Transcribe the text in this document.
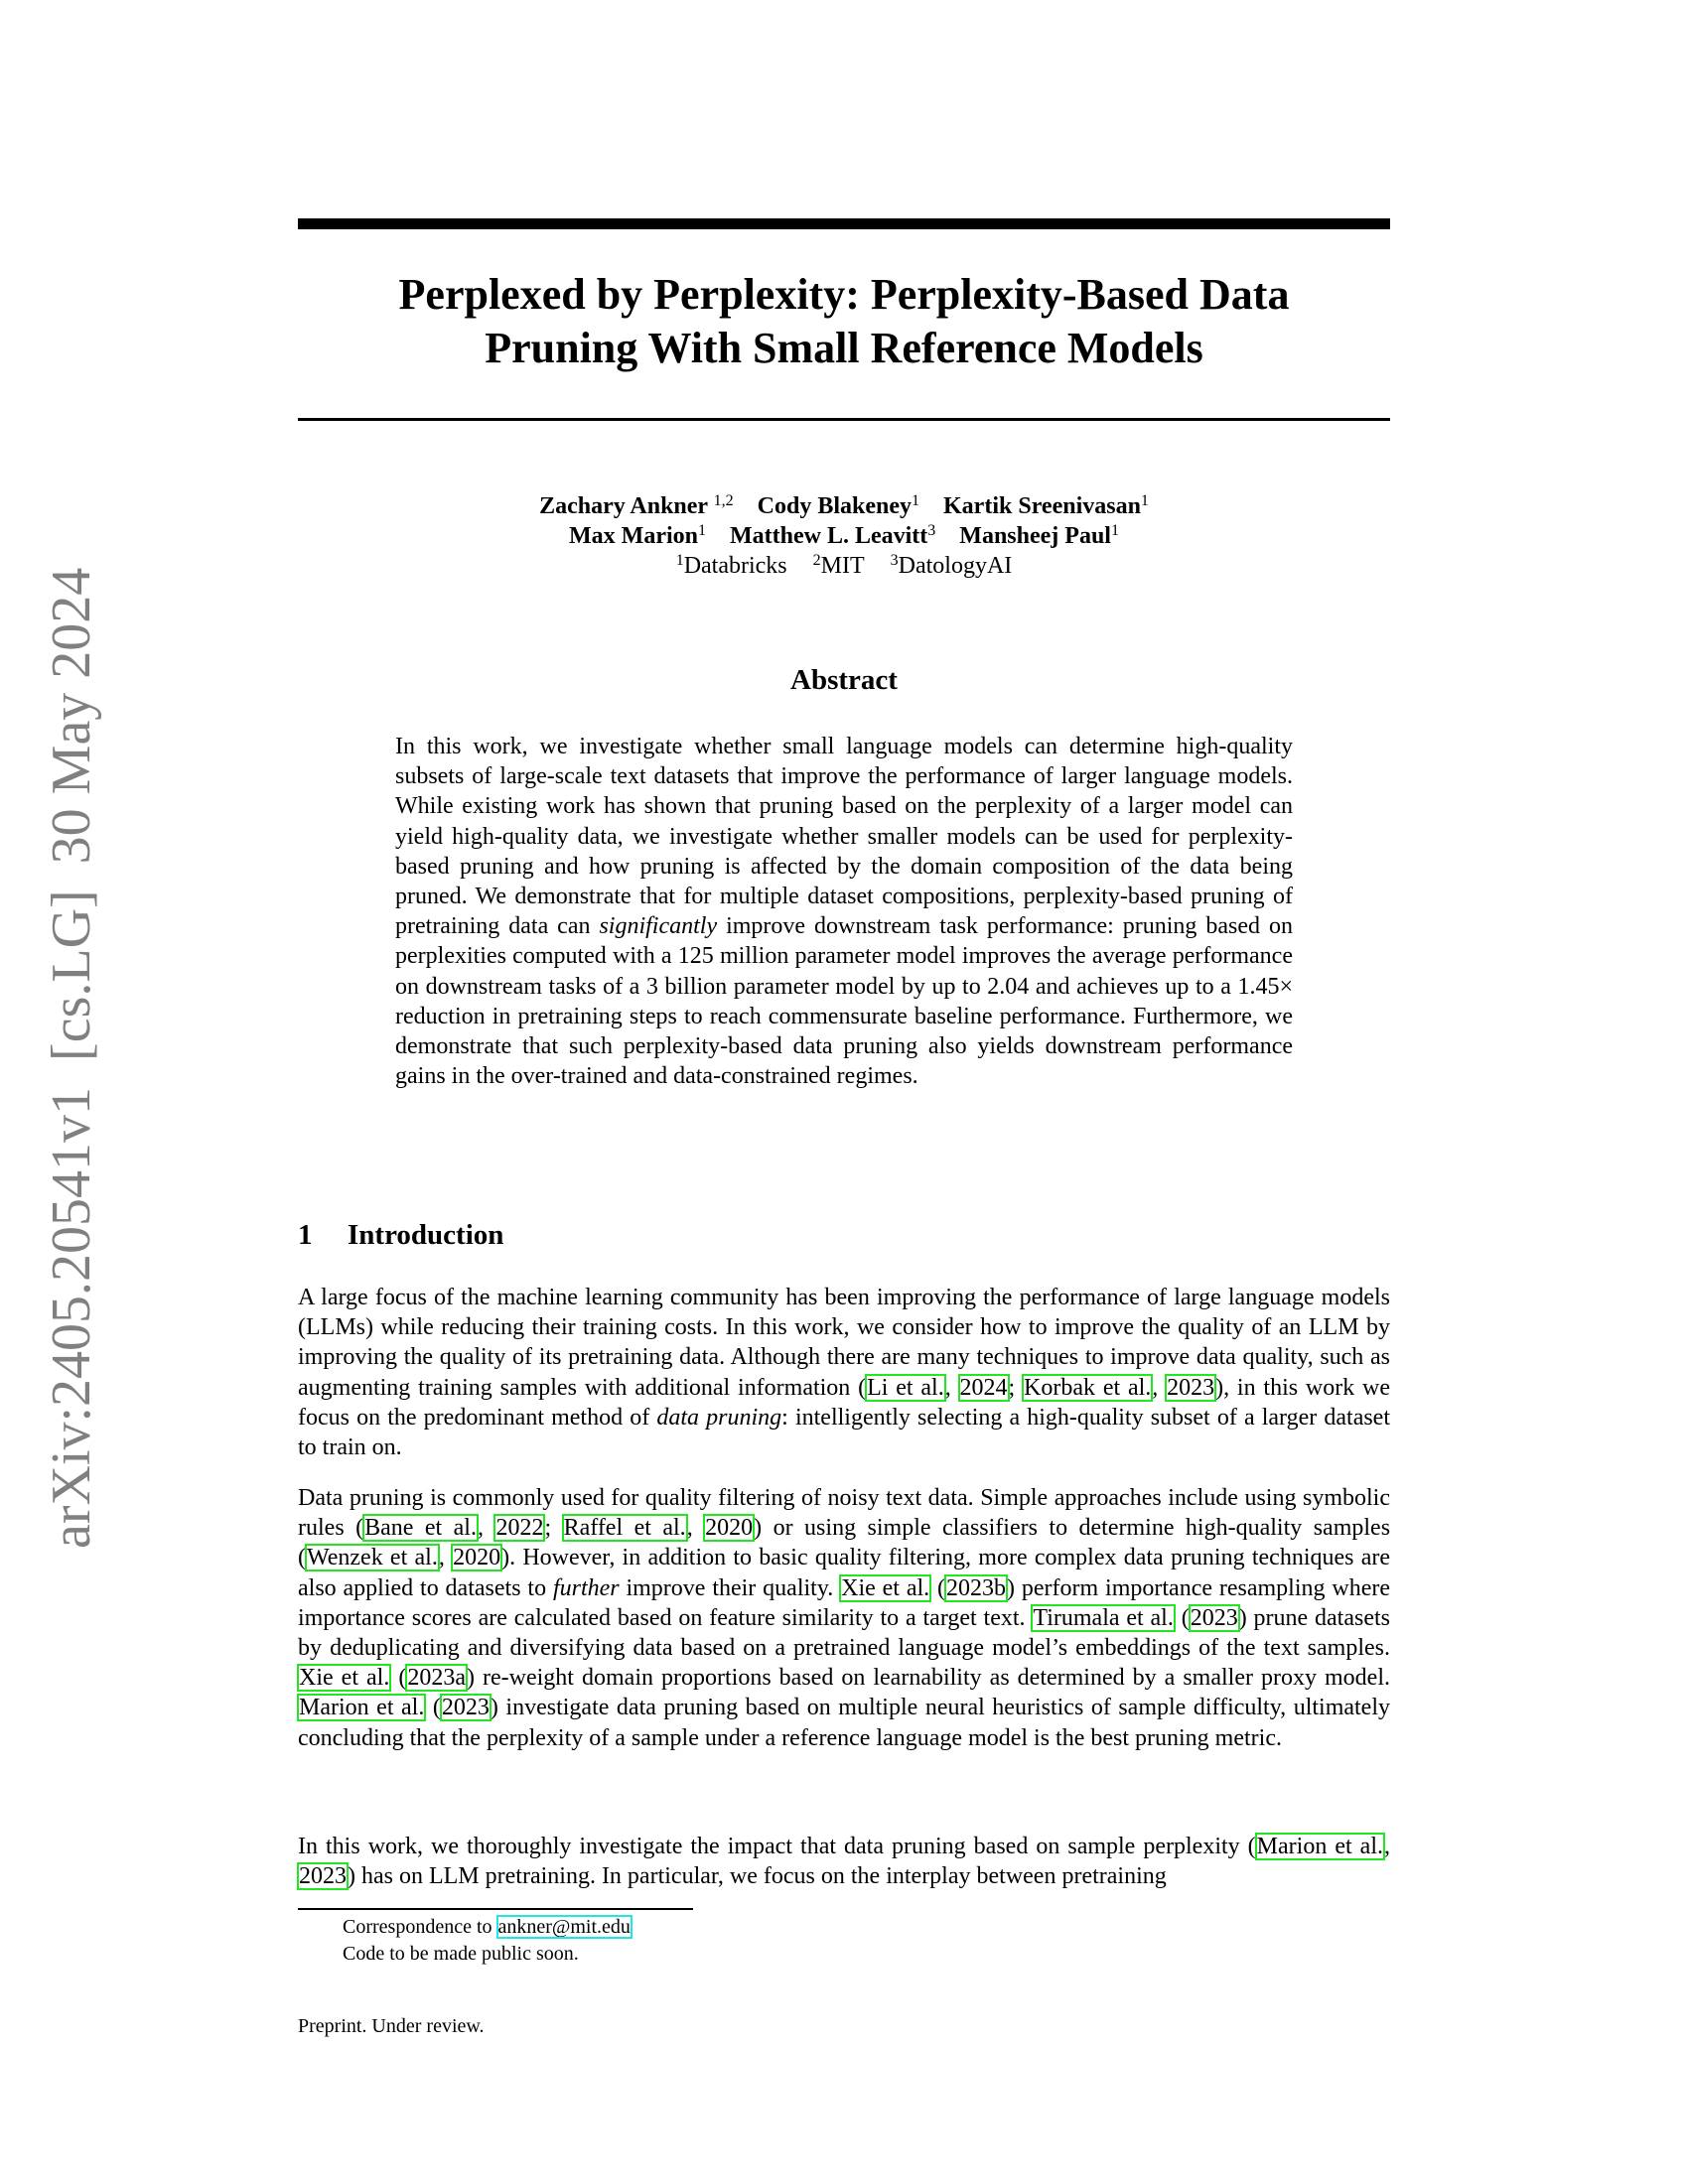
arXiv:2405.20541v1[cs.LG]30 May 2024
Perplexed by Perplexity: Perplexity-Based Data
Pruning With Small Reference Models
Zachary Ankner $^{1,2}$ Cody Blakeney$^1$ Kartik Sreenivasan$^1$
Max Marion$^1$ Matthew L. Leavitt$^3$ Mansheej Paul$^1$
$^1$Databricks $^2$MIT $^3$DatologyAI
Abstract
In this work, we investigate whether small language models can determine high-quality subsets of large-scale text datasets that improve the performance of larger language models. While existing work has shown that pruning based on the perplexity of a larger model can yield high-quality data, we investigate whether smaller models can be used for perplexity-based pruning and how pruning is affected by the domain composition of the data being pruned. We demonstrate that for multiple dataset compositions, perplexity-based pruning of pretraining data can significantly improve downstream task performance: pruning based on perplexities computed with a 125 million parameter model improves the average performance on downstream tasks of a 3 billion parameter model by up to 2.04 and achieves up to a 1.45× reduction in pretraining steps to reach commensurate baseline performance. Furthermore, we demonstrate that such perplexity-based data pruning also yields downstream performance gains in the over-trained and data-constrained regimes.
1 Introduction
A large focus of the machine learning community has been improving the performance of large language models (LLMs) while reducing their training costs. In this work, we consider how to improve the quality of an LLM by improving the quality of its pretraining data. Although there are many techniques to improve data quality, such as augmenting training samples with additional information (Li et al., 2024; Korbak et al., 2023), in this work we focus on the predominant method of data pruning: intelligently selecting a high-quality subset of a larger dataset to train on.
Data pruning is commonly used for quality filtering of noisy text data. Simple approaches include using symbolic rules (Bane et al., 2022; Raffel et al., 2020) or using simple classifiers to determine high-quality samples (Wenzek et al., 2020). However, in addition to basic quality filtering, more complex data pruning techniques are also applied to datasets to further improve their quality. Xie et al. (2023b) perform importance resampling where importance scores are calculated based on feature similarity to a target text. Tirumala et al. (2023) prune datasets by deduplicating and diversifying data based on a pretrained language model’s embeddings of the text samples. Xie et al. (2023a) re-weight domain proportions based on learnability as determined by a smaller proxy model. Marion et al. (2023) investigate data pruning based on multiple neural heuristics of sample difficulty, ultimately concluding that the perplexity of a sample under a reference language model is the best pruning metric.
In this work, we thoroughly investigate the impact that data pruning based on sample perplexity (Marion et al., 2023) has on LLM pretraining. In particular, we focus on the interplay between pretraining
Correspondence to ankner@mit.edu
Code to be made public soon.
Preprint. Under review.
